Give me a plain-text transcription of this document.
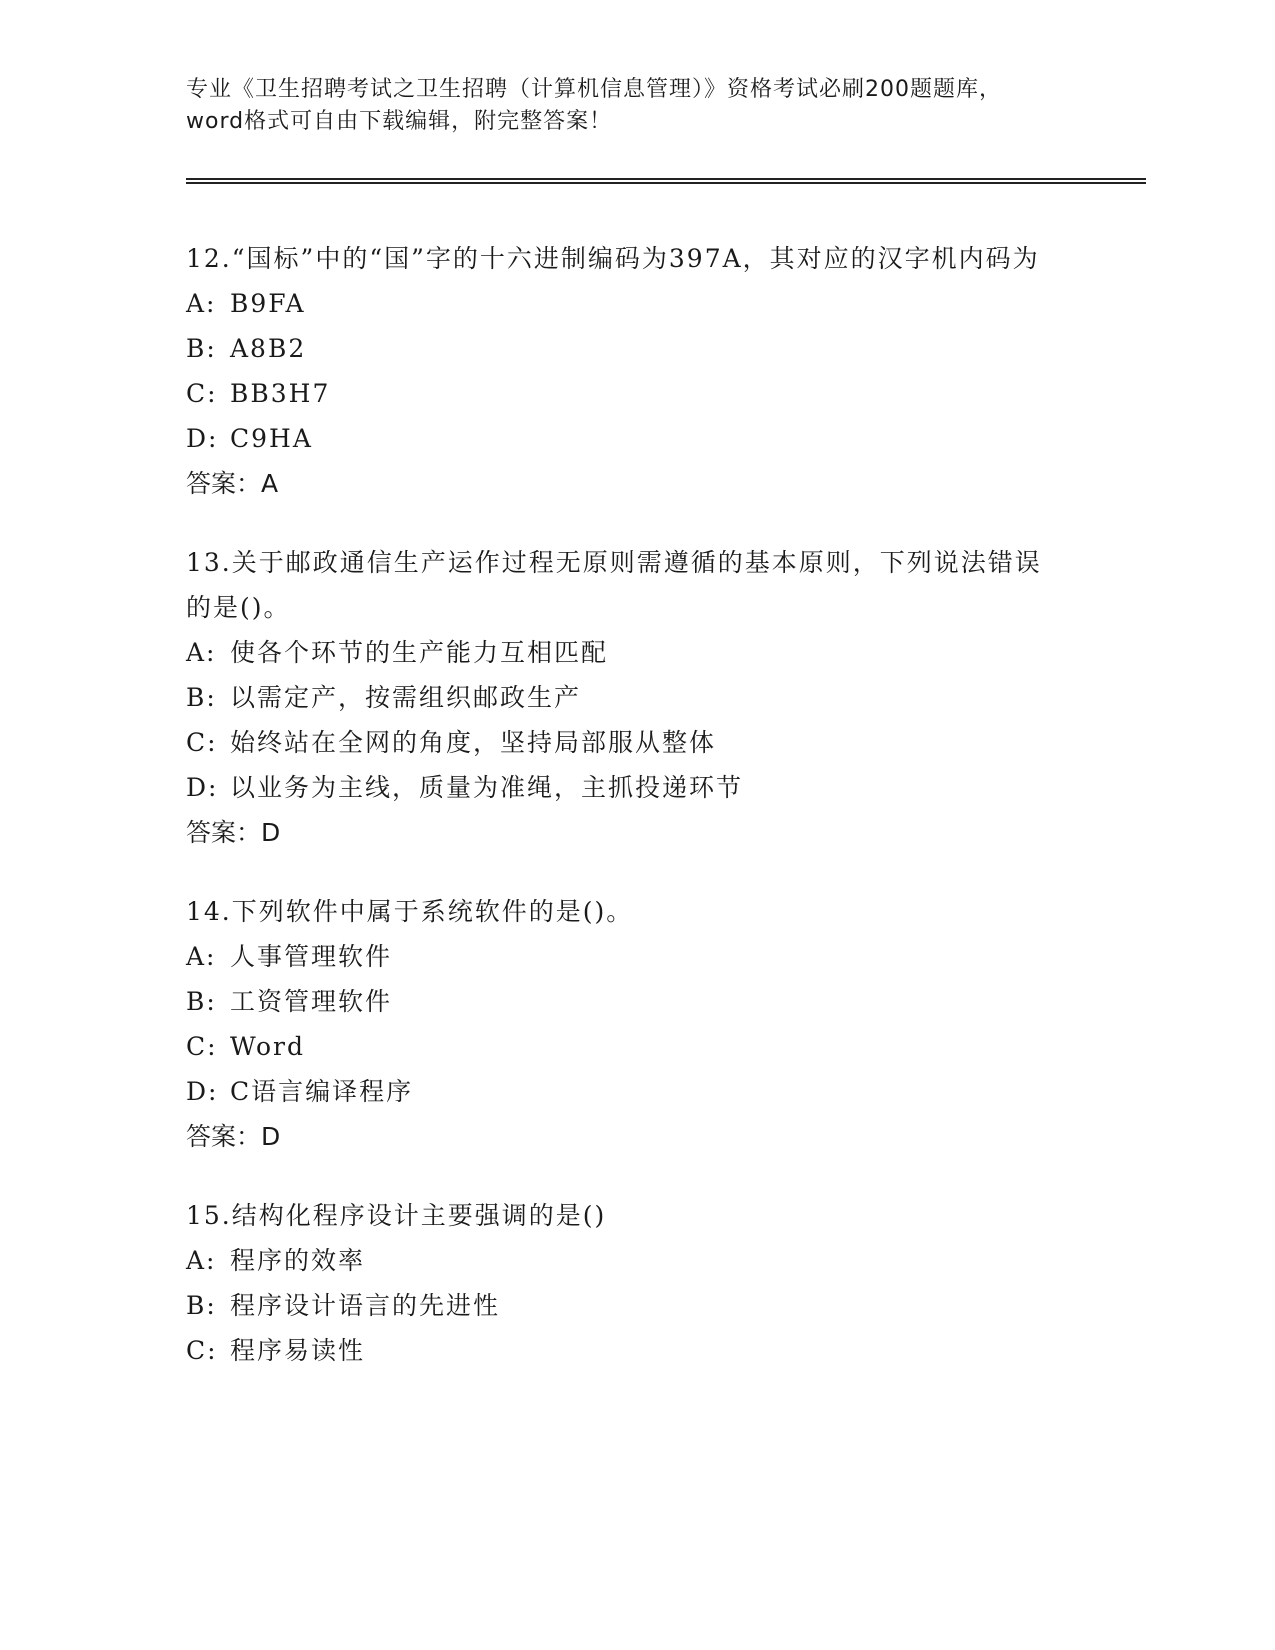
专业《卫生招聘考试之卫生招聘（计算机信息管理）》资格考试必刷200题题库，
word格式可自由下载编辑，附完整答案！

12.“国标”中的“国”字的十六进制编码为397A，其对应的汉字机内码为

A: B9FA

B: A8B2

C: BB3H7

D: C9HA

答案：A

13.关于邮政通信生产运作过程无原则需遵循的基本原则，下列说法错误的是()。

A: 使各个环节的生产能力互相匹配

B: 以需定产，按需组织邮政生产

C: 始终站在全网的角度，坚持局部服从整体

D: 以业务为主线，质量为准绳，主抓投递环节

答案：D

14.下列软件中属于系统软件的是()。

A: 人事管理软件

B: 工资管理软件

C: Word

D: C语言编译程序

答案：D

15.结构化程序设计主要强调的是()

A: 程序的效率

B: 程序设计语言的先进性

C: 程序易读性
